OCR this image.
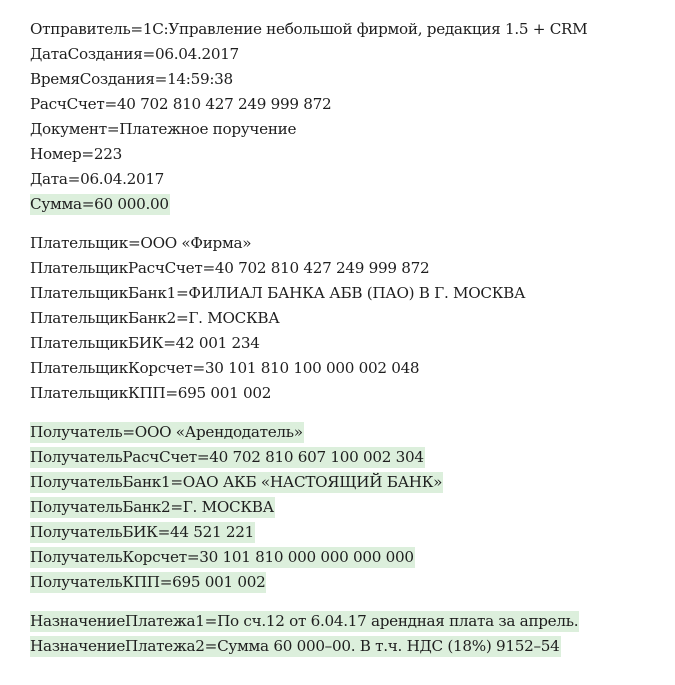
Отправитель=1С:Управление небольшой фирмой, редакция 1.5 + CRM
ДатаСоздания=06.04.2017
ВремяСоздания=14:59:38
РасчСчет=40 702 810 427 249 999 872
Документ=Платежное поручение
Номер=223
Дата=06.04.2017
Сумма=60 000.00
Плательщик=ООО «Фирма»
ПлательщикРасчСчет=40 702 810 427 249 999 872
ПлательщикБанк1=ФИЛИАЛ БАНКА АБВ (ПАО) В Г. МОСКВА
ПлательщикБанк2=Г. МОСКВА
ПлательщикБИК=42 001 234
ПлательщикКорсчет=30 101 810 100 000 002 048
ПлательщикКПП=695 001 002
Получатель=ООО «Арендодатель»
ПолучательРасчСчет=40 702 810 607 100 002 304
ПолучательБанк1=ОАО АКБ «НАСТОЯЩИЙ БАНК»
ПолучательБанк2=Г. МОСКВА
ПолучательБИК=44 521 221
ПолучательКорсчет=30 101 810 000 000 000 000
ПолучательКПП=695 001 002
НазначениеПлатежа1=По сч.12 от 6.04.17 арендная плата за апрель.
НазначениеПлатежа2=Сумма 60 000–00. В т.ч. НДС (18%) 9152–54
